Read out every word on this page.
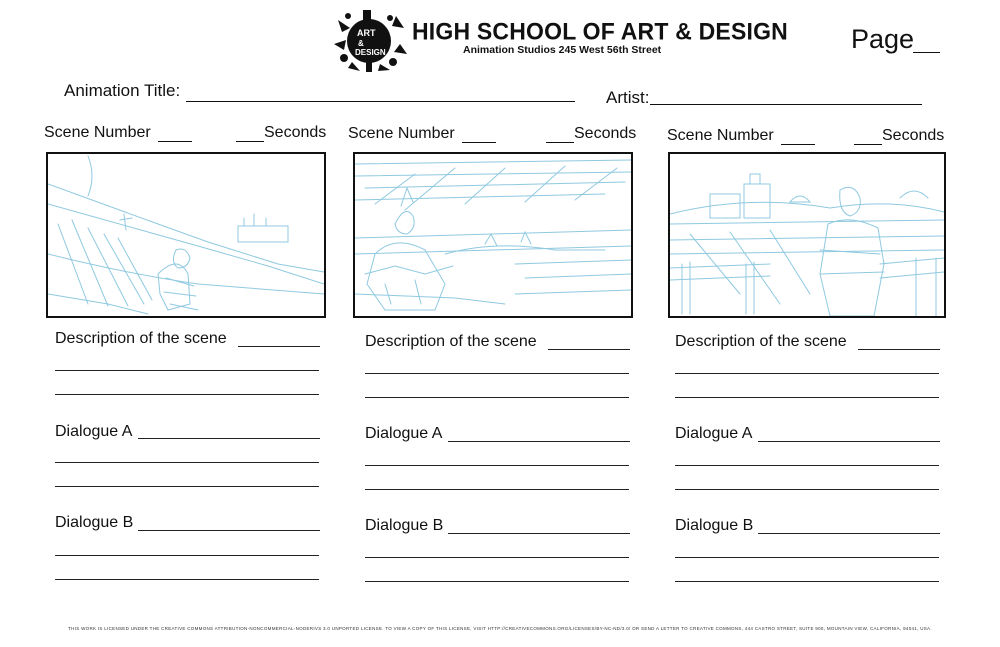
ART
&
DESIGN
HIGH SCHOOL OF ART & DESIGN
Animation Studios 245 West 56th Street	Page
Animation Title:	Artist:
Scene Number	Seconds
Description of the scene
Dialogue A
Dialogue B
Scene Number	Seconds
Description of the scene
Dialogue A
Dialogue B
Scene Number	Seconds
Description of the scene
Dialogue A
Dialogue B
THIS WORK IS LICENSED UNDER THE CREATIVE COMMONS ATTRIBUTION-NONCOMMERCIAL-NODERIVS 3.0 UNPORTED LICENSE. TO VIEW A COPY OF THIS LICENSE, VISIT HTTP://CREATIVECOMMONS.ORG/LICENSES/BY-NC-ND/3.0/ OR SEND A LETTER TO CREATIVE COMMONS, 444 CASTRO STREET, SUITE 900, MOUNTAIN VIEW, CALIFORNIA, 94041, USA.
